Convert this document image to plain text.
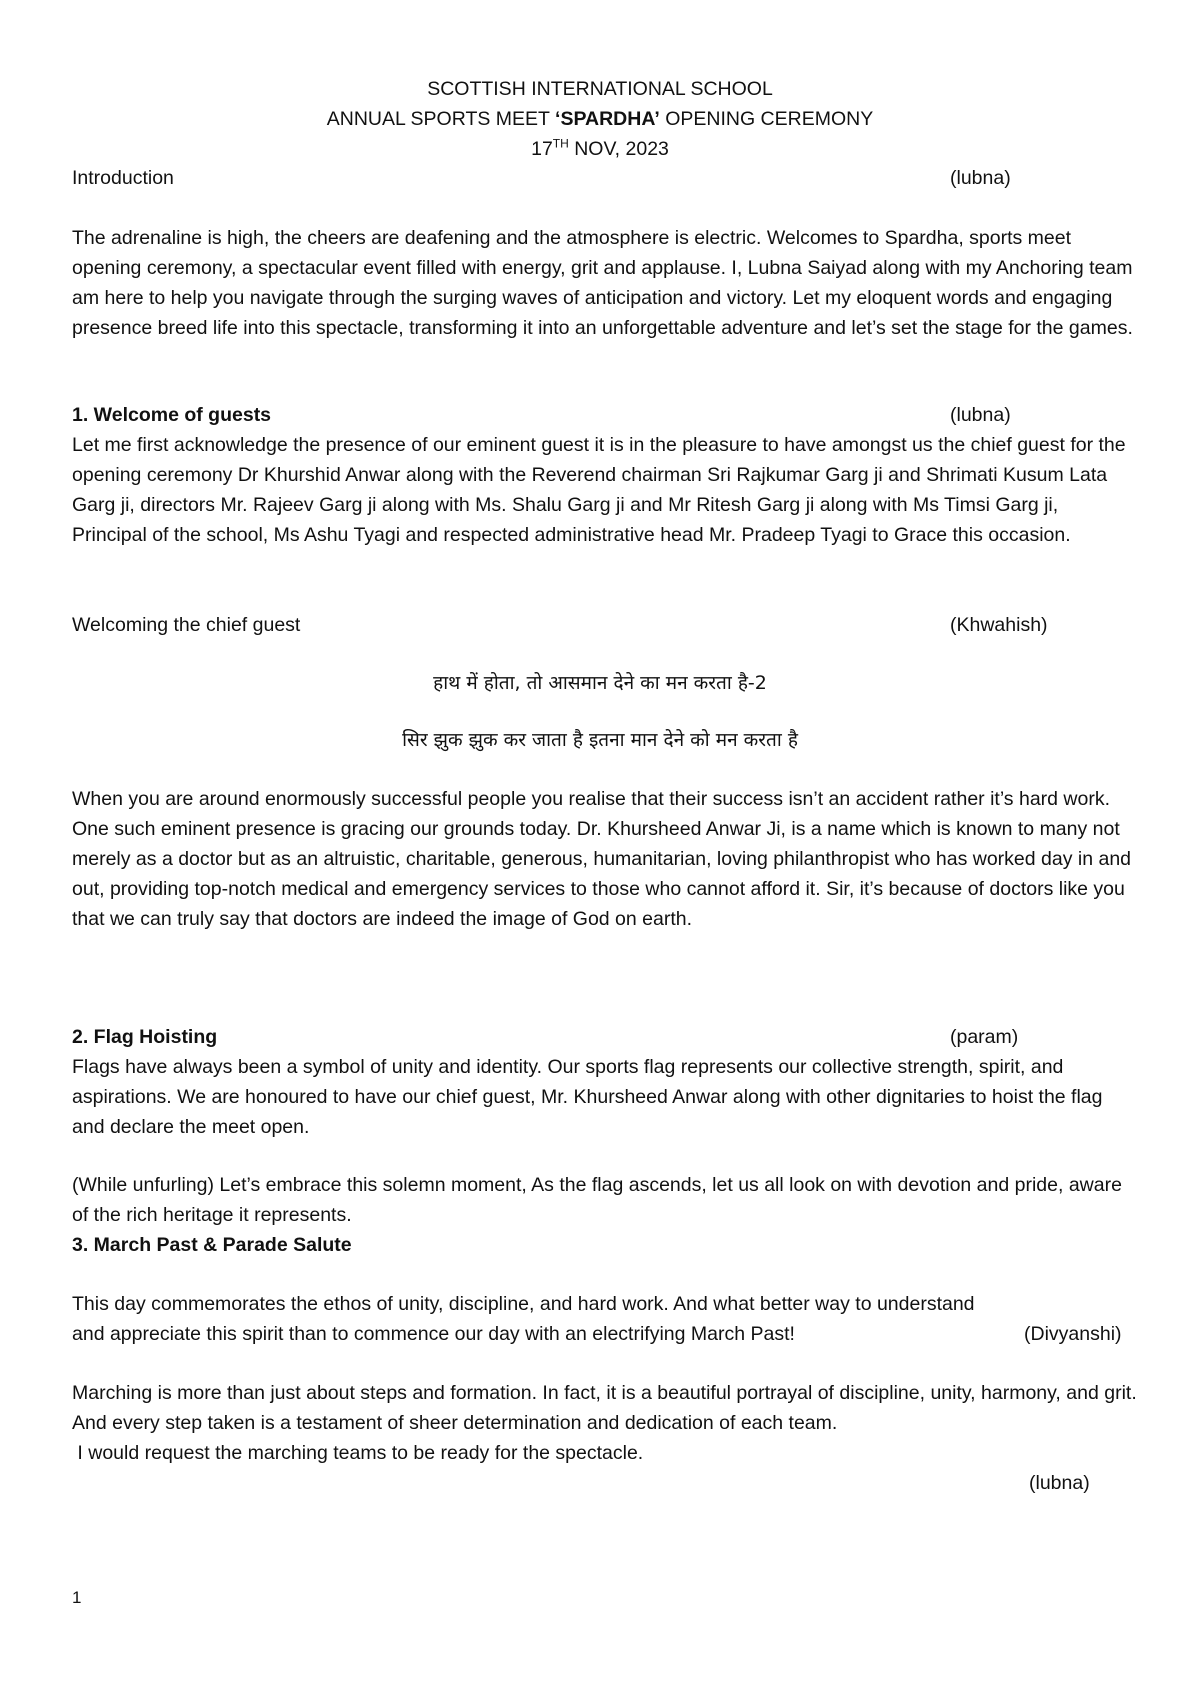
SCOTTISH INTERNATIONAL SCHOOL
ANNUAL SPORTS MEET ‘SPARDHA’ OPENING CEREMONY
17TH NOV, 2023
Introduction	(lubna)

The adrenaline is high, the cheers are deafening and the atmosphere is electric. Welcomes to Spardha, sports meet opening ceremony, a spectacular event filled with energy, grit and applause. I, Lubna Saiyad along with my Anchoring team am here to help you navigate through the surging waves of anticipation and victory. Let my eloquent words and engaging presence breed life into this spectacle, transforming it into an unforgettable adventure and let’s set the stage for the games.

1. Welcome of guests	(lubna)

Let me first acknowledge the presence of our eminent guest it is in the pleasure to have amongst us the chief guest for the opening ceremony Dr Khurshid Anwar along with the Reverend chairman Sri Rajkumar Garg ji and Shrimati Kusum Lata Garg ji, directors Mr. Rajeev Garg ji along with Ms. Shalu Garg ji and Mr Ritesh Garg ji along with Ms Timsi Garg ji, Principal of the school, Ms Ashu Tyagi and respected administrative head Mr. Pradeep Tyagi to Grace this occasion.

Welcoming the chief guest	(Khwahish)
हाथ में होता, तो आसमान देने का मन करता है-2
सिर झुक झुक कर जाता है इतना मान देने को मन करता है

When you are around enormously successful people you realise that their success isn’t an accident rather it’s hard work.

One such eminent presence is gracing our grounds today. Dr. Khursheed Anwar Ji, is a name which is known to many not merely as a doctor but as an altruistic, charitable, generous, humanitarian, loving philanthropist who has worked day in and out, providing top-notch medical and emergency services to those who cannot afford it. Sir, it’s because of doctors like you that we can truly say that doctors are indeed the image of God on earth.

2. Flag Hoisting	(param)

Flags have always been a symbol of unity and identity. Our sports flag represents our collective strength, spirit, and aspirations. We are honoured to have our chief guest, Mr. Khursheed Anwar along with other dignitaries to hoist the flag and declare the meet open.

(While unfurling) Let’s embrace this solemn moment, As the flag ascends, let us all look on with devotion and pride, aware of the rich heritage it represents.

3. March Past & Parade Salute
This day commemorates the ethos of unity, discipline, and hard work. And what better way to understand
and appreciate this spirit than to commence our day with an electrifying March Past!	(Divyanshi)

Marching is more than just about steps and formation. In fact, it is a beautiful portrayal of discipline, unity, harmony, and grit. And every step taken is a testament of sheer determination and dedication of each team.

I would request the marching teams to be ready for the spectacle.

(lubna)
1
